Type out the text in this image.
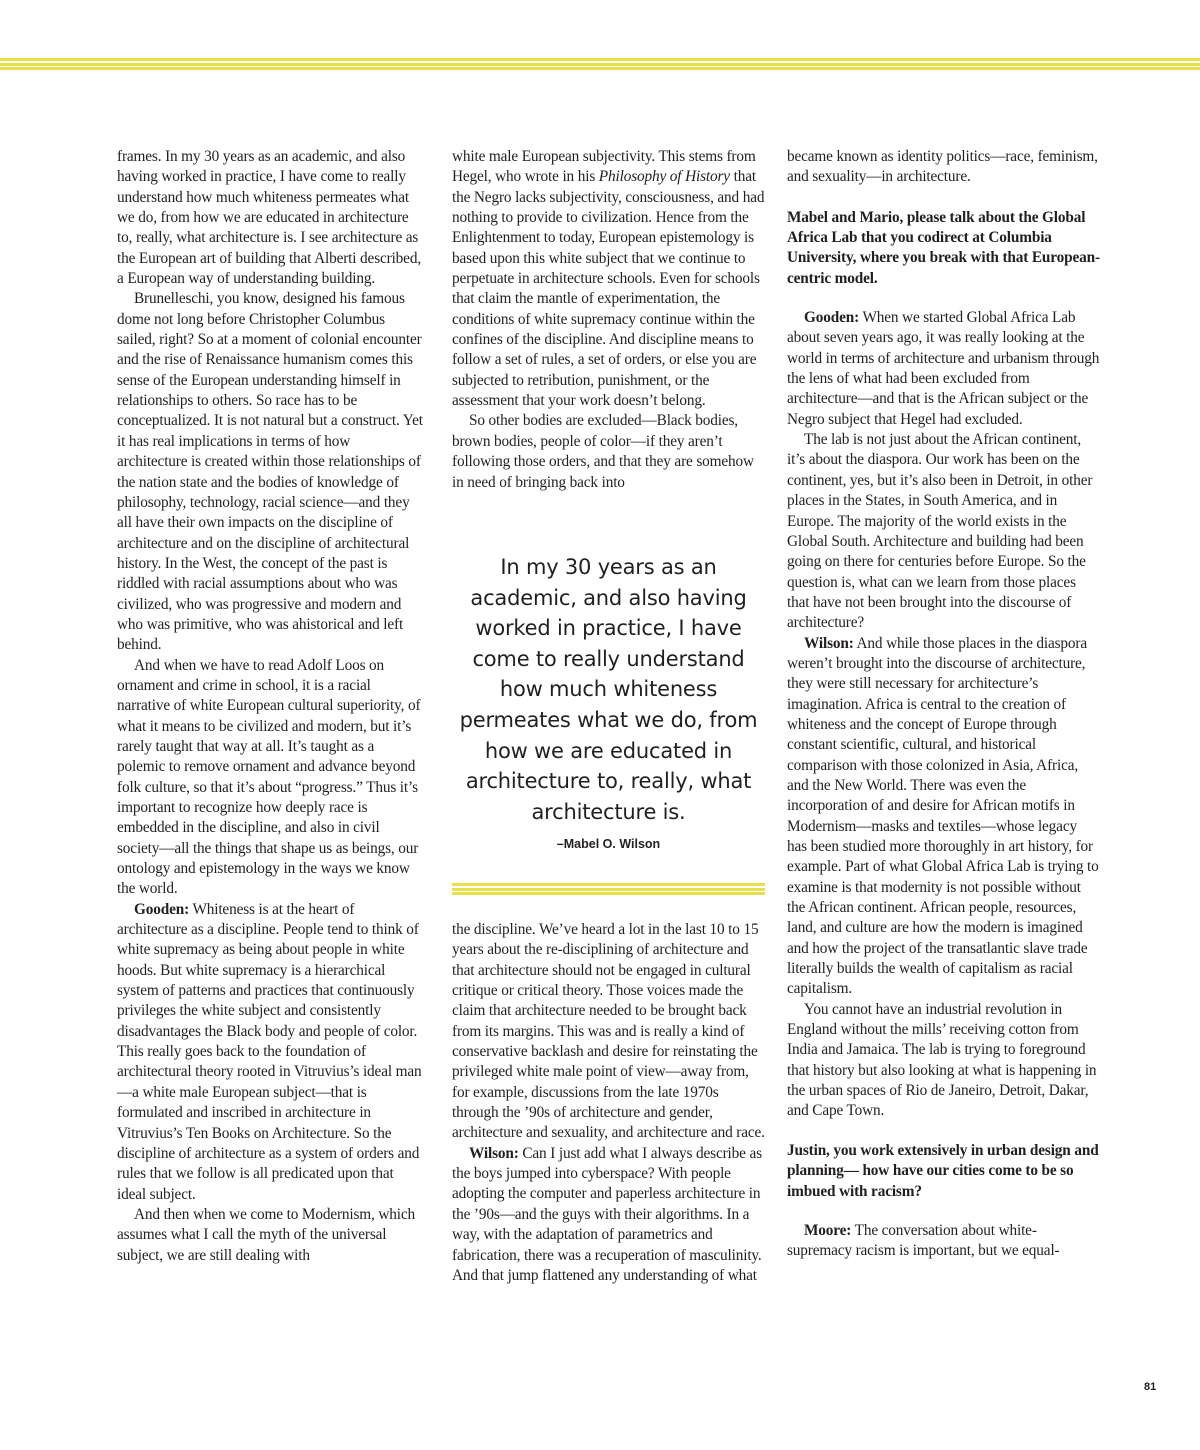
frames. In my 30 years as an academic, and also having worked in practice, I have come to really understand how much whiteness permeates what we do, from how we are educated in architecture to, really, what architecture is. I see architecture as the European art of building that Alberti described, a European way of understanding building.

Brunelleschi, you know, designed his famous dome not long before Christopher Columbus sailed, right? So at a moment of colonial encounter and the rise of Renaissance humanism comes this sense of the European understanding himself in relationships to others. So race has to be conceptualized. It is not natural but a construct. Yet it has real implications in terms of how architecture is created within those relationships of the nation state and the bodies of knowledge of philosophy, technology, racial science—and they all have their own impacts on the discipline of architecture and on the discipline of architectural history. In the West, the concept of the past is riddled with racial assumptions about who was civilized, who was progressive and modern and who was primitive, who was ahistorical and left behind.

And when we have to read Adolf Loos on ornament and crime in school, it is a racial narrative of white European cultural superiority, of what it means to be civilized and modern, but it’s rarely taught that way at all. It’s taught as a polemic to remove ornament and advance beyond folk culture, so that it’s about “progress.” Thus it’s important to recognize how deeply race is embedded in the discipline, and also in civil society—all the things that shape us as beings, our ontology and epistemology in the ways we know the world.

Gooden: Whiteness is at the heart of architecture as a discipline. People tend to think of white supremacy as being about people in white hoods. But white supremacy is a hierarchical system of patterns and practices that continuously privileges the white subject and consistently disadvantages the Black body and people of color. This really goes back to the foundation of architectural theory rooted in Vitruvius’s ideal man—a white male European subject—that is formulated and inscribed in architecture in Vitruvius’s Ten Books on Architecture. So the discipline of architecture as a system of orders and rules that we follow is all predicated upon that ideal subject.

And then when we come to Modernism, which assumes what I call the myth of the universal subject, we are still dealing with

white male European subjectivity. This stems from Hegel, who wrote in his Philosophy of History that the Negro lacks subjectivity, consciousness, and had nothing to provide to civilization. Hence from the Enlightenment to today, European epistemology is based upon this white subject that we continue to perpetuate in architecture schools. Even for schools that claim the mantle of experimentation, the conditions of white supremacy continue within the confines of the discipline. And discipline means to follow a set of rules, a set of orders, or else you are subjected to retribution, punishment, or the assessment that your work doesn’t belong.

So other bodies are excluded—Black bodies, brown bodies, people of color—if they aren’t following those orders, and that they are somehow in need of bringing back into

In my 30 years as an academic, and also having worked in practice, I have come to really understand how much whiteness permeates what we do, from how we are educated in architecture to, really, what architecture is.
–Mabel O. Wilson

the discipline. We’ve heard a lot in the last 10 to 15 years about the re-disciplining of architecture and that architecture should not be engaged in cultural critique or critical theory. Those voices made the claim that architecture needed to be brought back from its margins. This was and is really a kind of conservative backlash and desire for reinstating the privileged white male point of view—away from, for example, discussions from the late 1970s through the ’90s of architecture and gender, architecture and sexuality, and architecture and race.

Wilson: Can I just add what I always describe as the boys jumped into cyberspace? With people adopting the computer and paperless architecture in the ’90s—and the guys with their algorithms. In a way, with the adaptation of parametrics and fabrication, there was a recuperation of masculinity. And that jump flattened any understanding of what

became known as identity politics—race, feminism, and sexuality—in architecture.

Mabel and Mario, please talk about the Global Africa Lab that you codirect at Columbia University, where you break with that European-centric model.

Gooden: When we started Global Africa Lab about seven years ago, it was really looking at the world in terms of architecture and urbanism through the lens of what had been excluded from architecture—and that is the African subject or the Negro subject that Hegel had excluded.

The lab is not just about the African continent, it’s about the diaspora. Our work has been on the continent, yes, but it’s also been in Detroit, in other places in the States, in South America, and in Europe. The majority of the world exists in the Global South. Architecture and building had been going on there for centuries before Europe. So the question is, what can we learn from those places that have not been brought into the discourse of architecture?

Wilson: And while those places in the diaspora weren’t brought into the discourse of architecture, they were still necessary for architecture’s imagination. Africa is central to the creation of whiteness and the concept of Europe through constant scientific, cultural, and historical comparison with those colonized in Asia, Africa, and the New World. There was even the incorporation of and desire for African motifs in Modernism—masks and textiles—whose legacy has been studied more thoroughly in art history, for example. Part of what Global Africa Lab is trying to examine is that modernity is not possible without the African continent. African people, resources, land, and culture are how the modern is imagined and how the project of the transatlantic slave trade literally builds the wealth of capitalism as racial capitalism.

You cannot have an industrial revolution in England without the mills’ receiving cotton from India and Jamaica. The lab is trying to foreground that history but also looking at what is happening in the urban spaces of Rio de Janeiro, Detroit, Dakar, and Cape Town.

Justin, you work extensively in urban design and planning— how have our cities come to be so imbued with racism?

Moore: The conversation about white-supremacy racism is important, but we equal-

81
